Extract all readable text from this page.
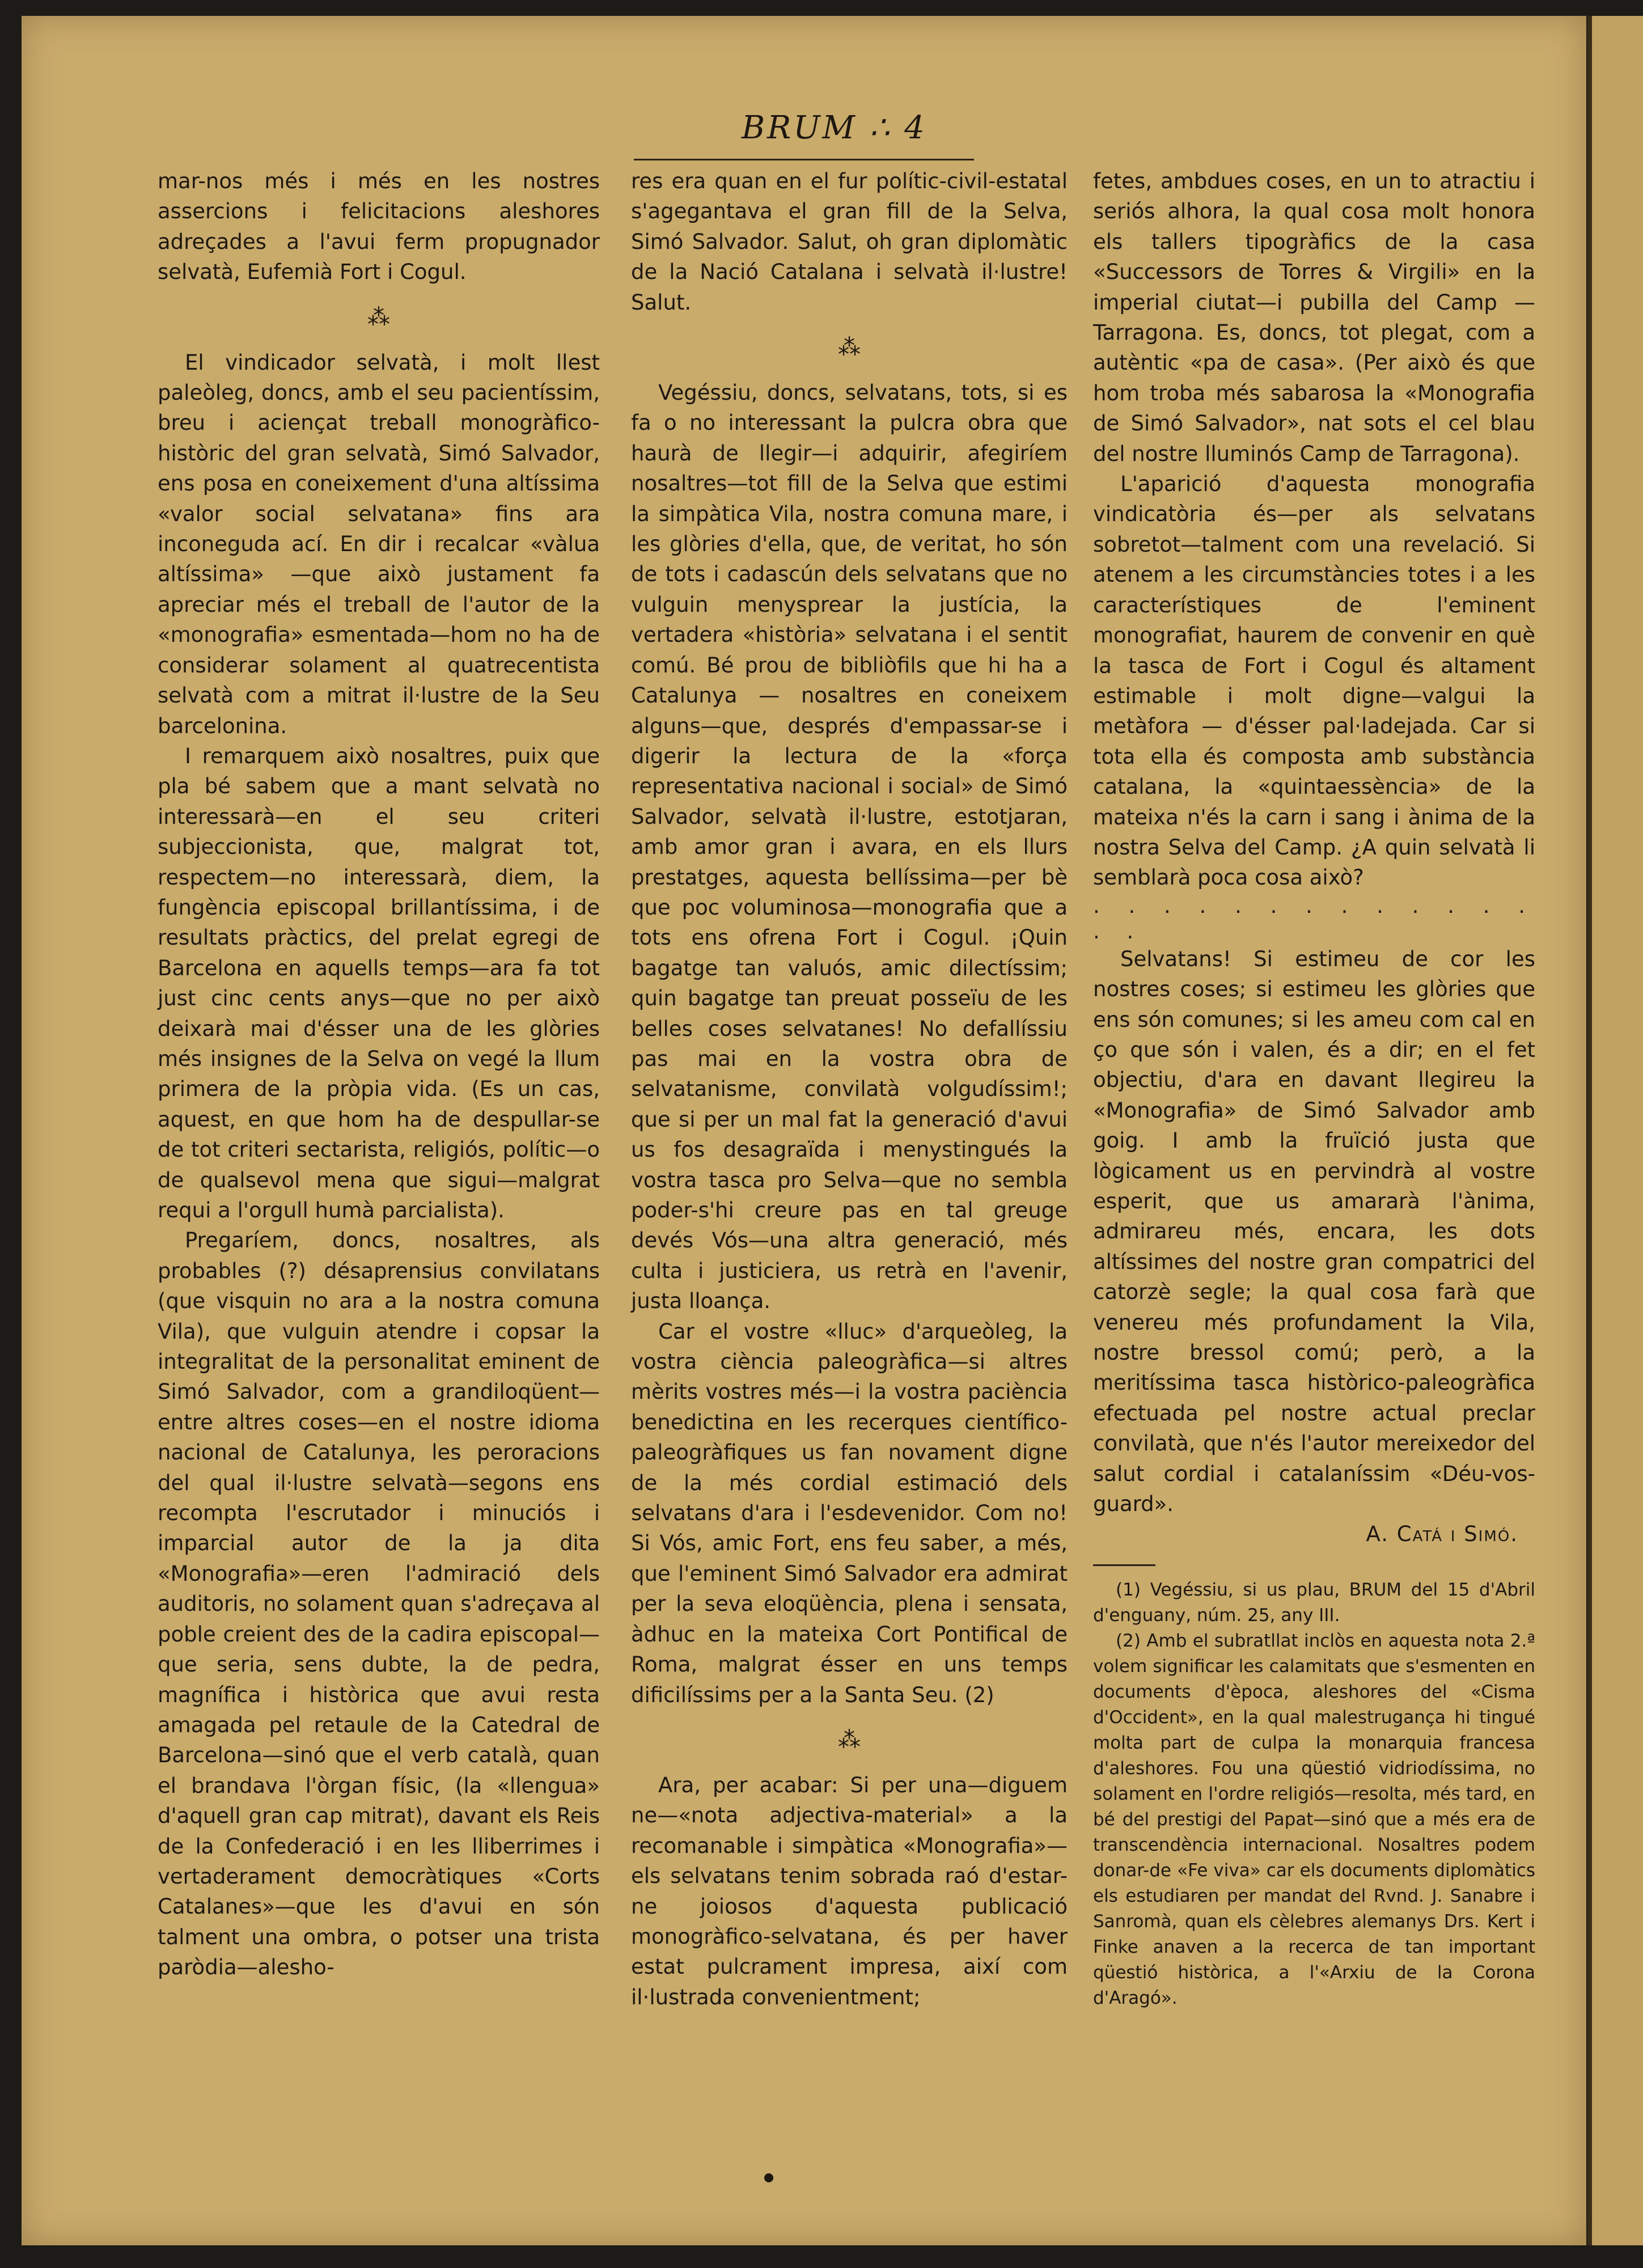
BRUM ∴ 4

mar-nos més i més en les nostres assercions i felicitacions aleshores adreçades a l'avui ferm propugnador selvatà, Eufemià Fort i Cogul.

⁂

El vindicador selvatà, i molt llest paleòleg, doncs, amb el seu pacientíssim, breu i aciençat treball monogràfico-històric del gran selvatà, Simó Salvador, ens posa en coneixement d'una altíssima «valor social selvatana» fins ara inconeguda ací. En dir i recalcar «vàlua altíssima» —que això justament fa apreciar més el treball de l'autor de la «monografia» esmentada—hom no ha de considerar solament al quatrecentista selvatà com a mitrat il·lustre de la Seu barcelonina.

I remarquem això nosaltres, puix que pla bé sabem que a mant selvatà no interessarà—en el seu criteri subjeccionista, que, malgrat tot, respectem—no interessarà, diem, la fungència episcopal brillantíssima, i de resultats pràctics, del prelat egregi de Barcelona en aquells temps—ara fa tot just cinc cents anys—que no per això deixarà mai d'ésser una de les glòries més insignes de la Selva on vegé la llum primera de la pròpia vida. (Es un cas, aquest, en que hom ha de despullar-se de tot criteri sectarista, religiós, polític—o de qualsevol mena que sigui—malgrat requi a l'orgull humà parcialista).

Pregaríem, doncs, nosaltres, als probables (?) désaprensius convilatans (que visquin no ara a la nostra comuna Vila), que vulguin atendre i copsar la integralitat de la personalitat eminent de Simó Salvador, com a grandiloqüent—entre altres coses—en el nostre idioma nacional de Catalunya, les peroracions del qual il·lustre selvatà—segons ens recompta l'escrutador i minuciós i imparcial autor de la ja dita «Monografia»—eren l'admiració dels auditoris, no solament quan s'adreçava al poble creient des de la cadira episcopal—que seria, sens dubte, la de pedra, magnífica i històrica que avui resta amagada pel retaule de la Catedral de Barcelona—sinó que el verb català, quan el brandava l'òrgan físic, (la «llengua» d'aquell gran cap mitrat), davant els Reis de la Confederació i en les lliberrimes i vertaderament democràtiques «Corts Catalanes»—que les d'avui en són talment una ombra, o potser una trista paròdia—alesho-

res era quan en el fur polític-civil-estatal s'agegantava el gran fill de la Selva, Simó Salvador. Salut, oh gran diplomàtic de la Nació Catalana i selvatà il·lustre! Salut.

⁂

Vegéssiu, doncs, selvatans, tots, si es fa o no interessant la pulcra obra que haurà de llegir—i adquirir, afegiríem nosaltres—tot fill de la Selva que estimi la simpàtica Vila, nostra comuna mare, i les glòries d'ella, que, de veritat, ho són de tots i cadascún dels selvatans que no vulguin menysprear la justícia, la vertadera «història» selvatana i el sentit comú. Bé prou de bibliòfils que hi ha a Catalunya — nosaltres en coneixem alguns—que, després d'empassar-se i digerir la lectura de la «força representativa nacional i social» de Simó Salvador, selvatà il·lustre, estotjaran, amb amor gran i avara, en els llurs prestatges, aquesta bellíssima—per bè que poc voluminosa—monografia que a tots ens ofrena Fort i Cogul. ¡Quin bagatge tan valuós, amic dilectíssim; quin bagatge tan preuat posseïu de les belles coses selvatanes! No defallíssiu pas mai en la vostra obra de selvatanisme, convilatà volgudíssim!; que si per un mal fat la generació d'avui us fos desagraïda i menystingués la vostra tasca pro Selva—que no sembla poder-s'hi creure pas en tal greuge devés Vós—una altra generació, més culta i justiciera, us retrà en l'avenir, justa lloança.

Car el vostre «lluc» d'arqueòleg, la vostra ciència paleogràfica—si altres mèrits vostres més—i la vostra paciència benedictina en les recerques científico-paleogràfiques us fan novament digne de la més cordial estimació dels selvatans d'ara i l'esdevenidor. Com no! Si Vós, amic Fort, ens feu saber, a més, que l'eminent Simó Salvador era admirat per la seva eloqüència, plena i sensata, àdhuc en la mateixa Cort Pontifical de Roma, malgrat ésser en uns temps dificilíssims per a la Santa Seu. (2)

⁂

Ara, per acabar: Si per una—diguem ne—«nota adjectiva-material» a la recomanable i simpàtica «Monografia»—els selvatans tenim sobrada raó d'estar-ne joiosos d'aquesta publicació monogràfico-selvatana, és per haver estat pulcrament impresa, així com il·lustrada convenientment;

fetes, ambdues coses, en un to atractiu i seriós alhora, la qual cosa molt honora els tallers tipogràfics de la casa «Successors de Torres & Virgili» en la imperial ciutat—i pubilla del Camp — Tarragona. Es, doncs, tot plegat, com a autèntic «pa de casa». (Per això és que hom troba més sabarosa la «Monografia de Simó Salvador», nat sots el cel blau del nostre lluminós Camp de Tarragona).

L'aparició d'aquesta monografia vindicatòria és—per als selvatans sobretot—talment com una revelació. Si atenem a les circumstàncies totes i a les característiques de l'eminent monografiat, haurem de convenir en què la tasca de Fort i Cogul és altament estimable i molt digne—valgui la metàfora — d'ésser pal·ladejada. Car si tota ella és composta amb substància catalana, la «quintaessència» de la mateixa n'és la carn i sang i ànima de la nostra Selva del Camp. ¿A quin selvatà li semblarà poca cosa això?

. . . . . . . . . . . . . . .

Selvatans! Si estimeu de cor les nostres coses; si estimeu les glòries que ens són comunes; si les ameu com cal en ço que són i valen, és a dir; en el fet objectiu, d'ara en davant llegireu la «Monografia» de Simó Salvador amb goig. I amb la fruïció justa que lògicament us en pervindrà al vostre esperit, que us amararà l'ànima, admirareu més, encara, les dots altíssimes del nostre gran compatrici del catorzè segle; la qual cosa farà que venereu més profundament la Vila, nostre bressol comú; però, a la meritíssima tasca històrico-paleogràfica efectuada pel nostre actual preclar convilatà, que n'és l'autor mereixedor del salut cordial i catalaníssim «Déu-vos-guard».

A. Catá i Simó.

(1) Vegéssiu, si us plau, BRUM del 15 d'Abril d'enguany, núm. 25, any III.

(2) Amb el subratllat inclòs en aquesta nota 2.ª volem significar les calamitats que s'esmenten en documents d'època, aleshores del «Cisma d'Occident», en la qual malestrugança hi tingué molta part de culpa la monarquia francesa d'aleshores. Fou una qüestió vidriodíssima, no solament en l'ordre religiós—resolta, més tard, en bé del prestigi del Papat—sinó que a més era de transcendència internacional. Nosaltres podem donar-de «Fe viva» car els documents diplomàtics els estudiaren per mandat del Rvnd. J. Sanabre i Sanromà, quan els cèlebres alemanys Drs. Kert i Finke anaven a la recerca de tan important qüestió històrica, a l'«Arxiu de la Corona d'Aragó».
